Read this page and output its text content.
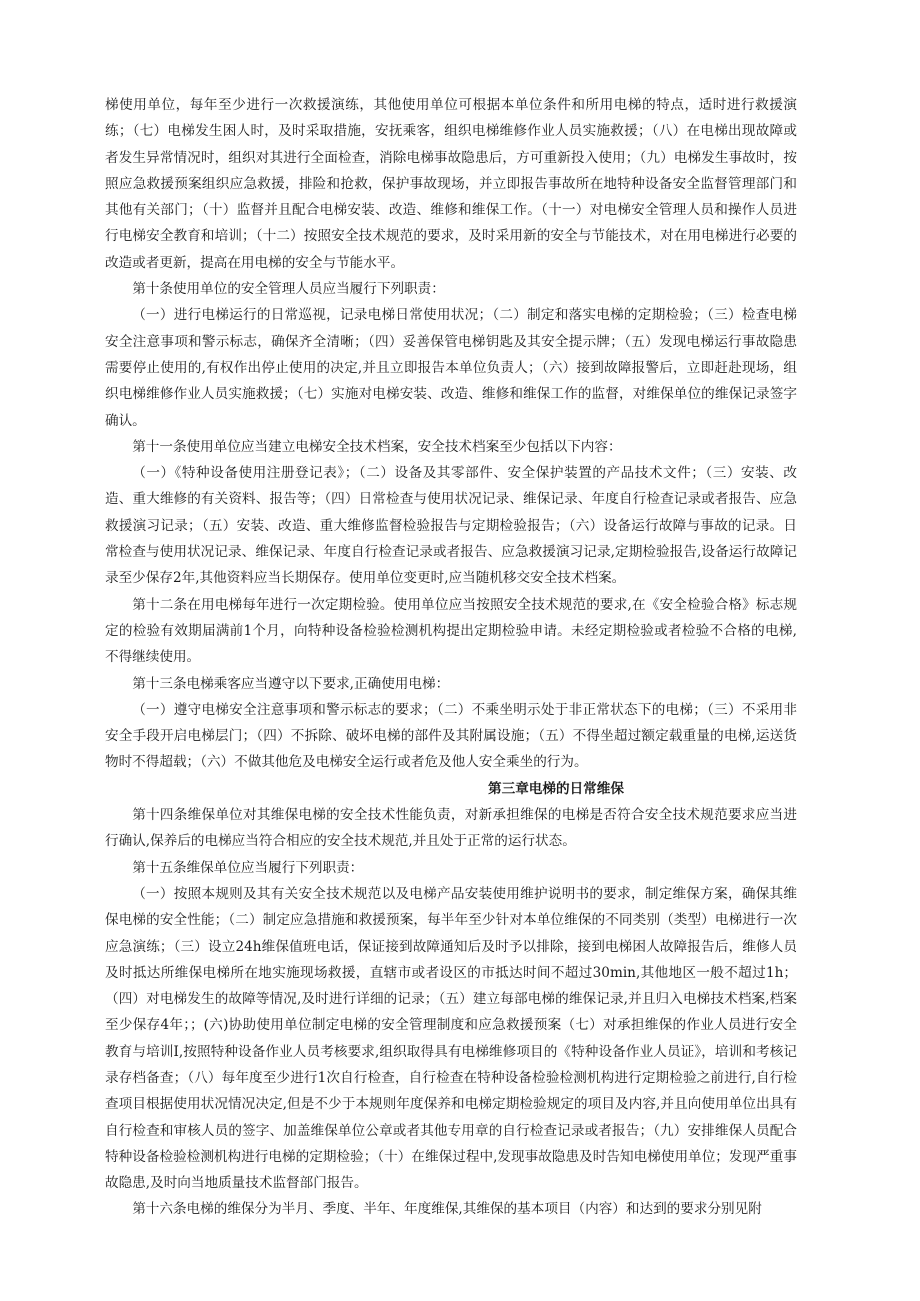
梯使用单位，每年至少进行一次救援演练，其他使用单位可根据本单位条件和所用电梯的特点，适时进行救援演练；（七）电梯发生困人时，及时采取措施，安抚乘客，组织电梯维修作业人员实施救援；（八）在电梯出现故障或者发生异常情况时，组织对其进行全面检查，消除电梯事故隐患后，方可重新投入使用；（九）电梯发生事故时，按照应急救援预案组织应急救援，排险和抢救，保护事故现场，并立即报告事故所在地特种设备安全监督管理部门和其他有关部门；（十）监督并且配合电梯安装、改造、维修和维保工作。（十一）对电梯安全管理人员和操作人员进行电梯安全教育和培训；（十二）按照安全技术规范的要求，及时采用新的安全与节能技术，对在用电梯进行必要的改造或者更新，提高在用电梯的安全与节能水平。

第十条使用单位的安全管理人员应当履行下列职责：

（一）进行电梯运行的日常巡视，记录电梯日常使用状况；（二）制定和落实电梯的定期检验；（三）检查电梯安全注意事项和警示标志，确保齐全清晰；（四）妥善保管电梯钥匙及其安全提示牌；（五）发现电梯运行事故隐患需要停止使用的,有权作出停止使用的决定,并且立即报告本单位负责人；（六）接到故障报警后，立即赶赴现场，组织电梯维修作业人员实施救援；（七）实施对电梯安装、改造、维修和维保工作的监督，对维保单位的维保记录签字确认。

第十一条使用单位应当建立电梯安全技术档案，安全技术档案至少包括以下内容：

（一）《特种设备使用注册登记表》；（二）设备及其零部件、安全保护装置的产品技术文件；（三）安装、改造、重大维修的有关资料、报告等；（四）日常检查与使用状况记录、维保记录、年度自行检查记录或者报告、应急救援演习记录；（五）安装、改造、重大维修监督检验报告与定期检验报告；（六）设备运行故障与事故的记录。日常检查与使用状况记录、维保记录、年度自行检查记录或者报告、应急救援演习记录,定期检验报告,设备运行故障记录至少保存2年,其他资料应当长期保存。使用单位变更时,应当随机移交安全技术档案。

第十二条在用电梯每年进行一次定期检验。使用单位应当按照安全技术规范的要求,在《安全检验合格》标志规定的检验有效期届满前1个月，向特种设备检验检测机构提出定期检验申请。未经定期检验或者检验不合格的电梯,不得继续使用。

第十三条电梯乘客应当遵守以下要求,正确使用电梯：

（一）遵守电梯安全注意事项和警示标志的要求；（二）不乘坐明示处于非正常状态下的电梯；（三）不采用非安全手段开启电梯层门；（四）不拆除、破坏电梯的部件及其附属设施；（五）不得坐超过额定载重量的电梯,运送货物时不得超载；（六）不做其他危及电梯安全运行或者危及他人安全乘坐的行为。

第三章电梯的日常维保

第十四条维保单位对其维保电梯的安全技术性能负责，对新承担维保的电梯是否符合安全技术规范要求应当进行确认,保养后的电梯应当符合相应的安全技术规范,并且处于正常的运行状态。

第十五条维保单位应当履行下列职责：

（一）按照本规则及其有关安全技术规范以及电梯产品安装使用维护说明书的要求，制定维保方案，确保其维保电梯的安全性能；（二）制定应急措施和救援预案，每半年至少针对本单位维保的不同类别（类型）电梯进行一次应急演练；（三）设立24h维保值班电话，保证接到故障通知后及时予以排除，接到电梯困人故障报告后，维修人员及时抵达所维保电梯所在地实施现场救援，直辖市或者设区的市抵达时间不超过30min,其他地区一般不超过1h；（四）对电梯发生的故障等情况,及时进行详细的记录；（五）建立每部电梯的维保记录,并且归入电梯技术档案,档案至少保存4年；；(六)协助使用单位制定电梯的安全管理制度和应急救援预案（七）对承担维保的作业人员进行安全教育与培训I,按照特种设备作业人员考核要求,组织取得具有电梯维修项目的《特种设备作业人员证》，培训和考核记录存档备查；（八）每年度至少进行1次自行检查，自行检查在特种设备检验检测机构进行定期检验之前进行,自行检查项目根据使用状况情况决定,但是不少于本规则年度保养和电梯定期检验规定的项目及内容,并且向使用单位出具有自行检查和审核人员的签字、加盖维保单位公章或者其他专用章的自行检查记录或者报告；（九）安排维保人员配合特种设备检验检测机构进行电梯的定期检验；（十）在维保过程中,发现事故隐患及时告知电梯使用单位；发现严重事故隐患,及时向当地质量技术监督部门报告。

第十六条电梯的维保分为半月、季度、半年、年度维保,其维保的基本项目（内容）和达到的要求分别见附
